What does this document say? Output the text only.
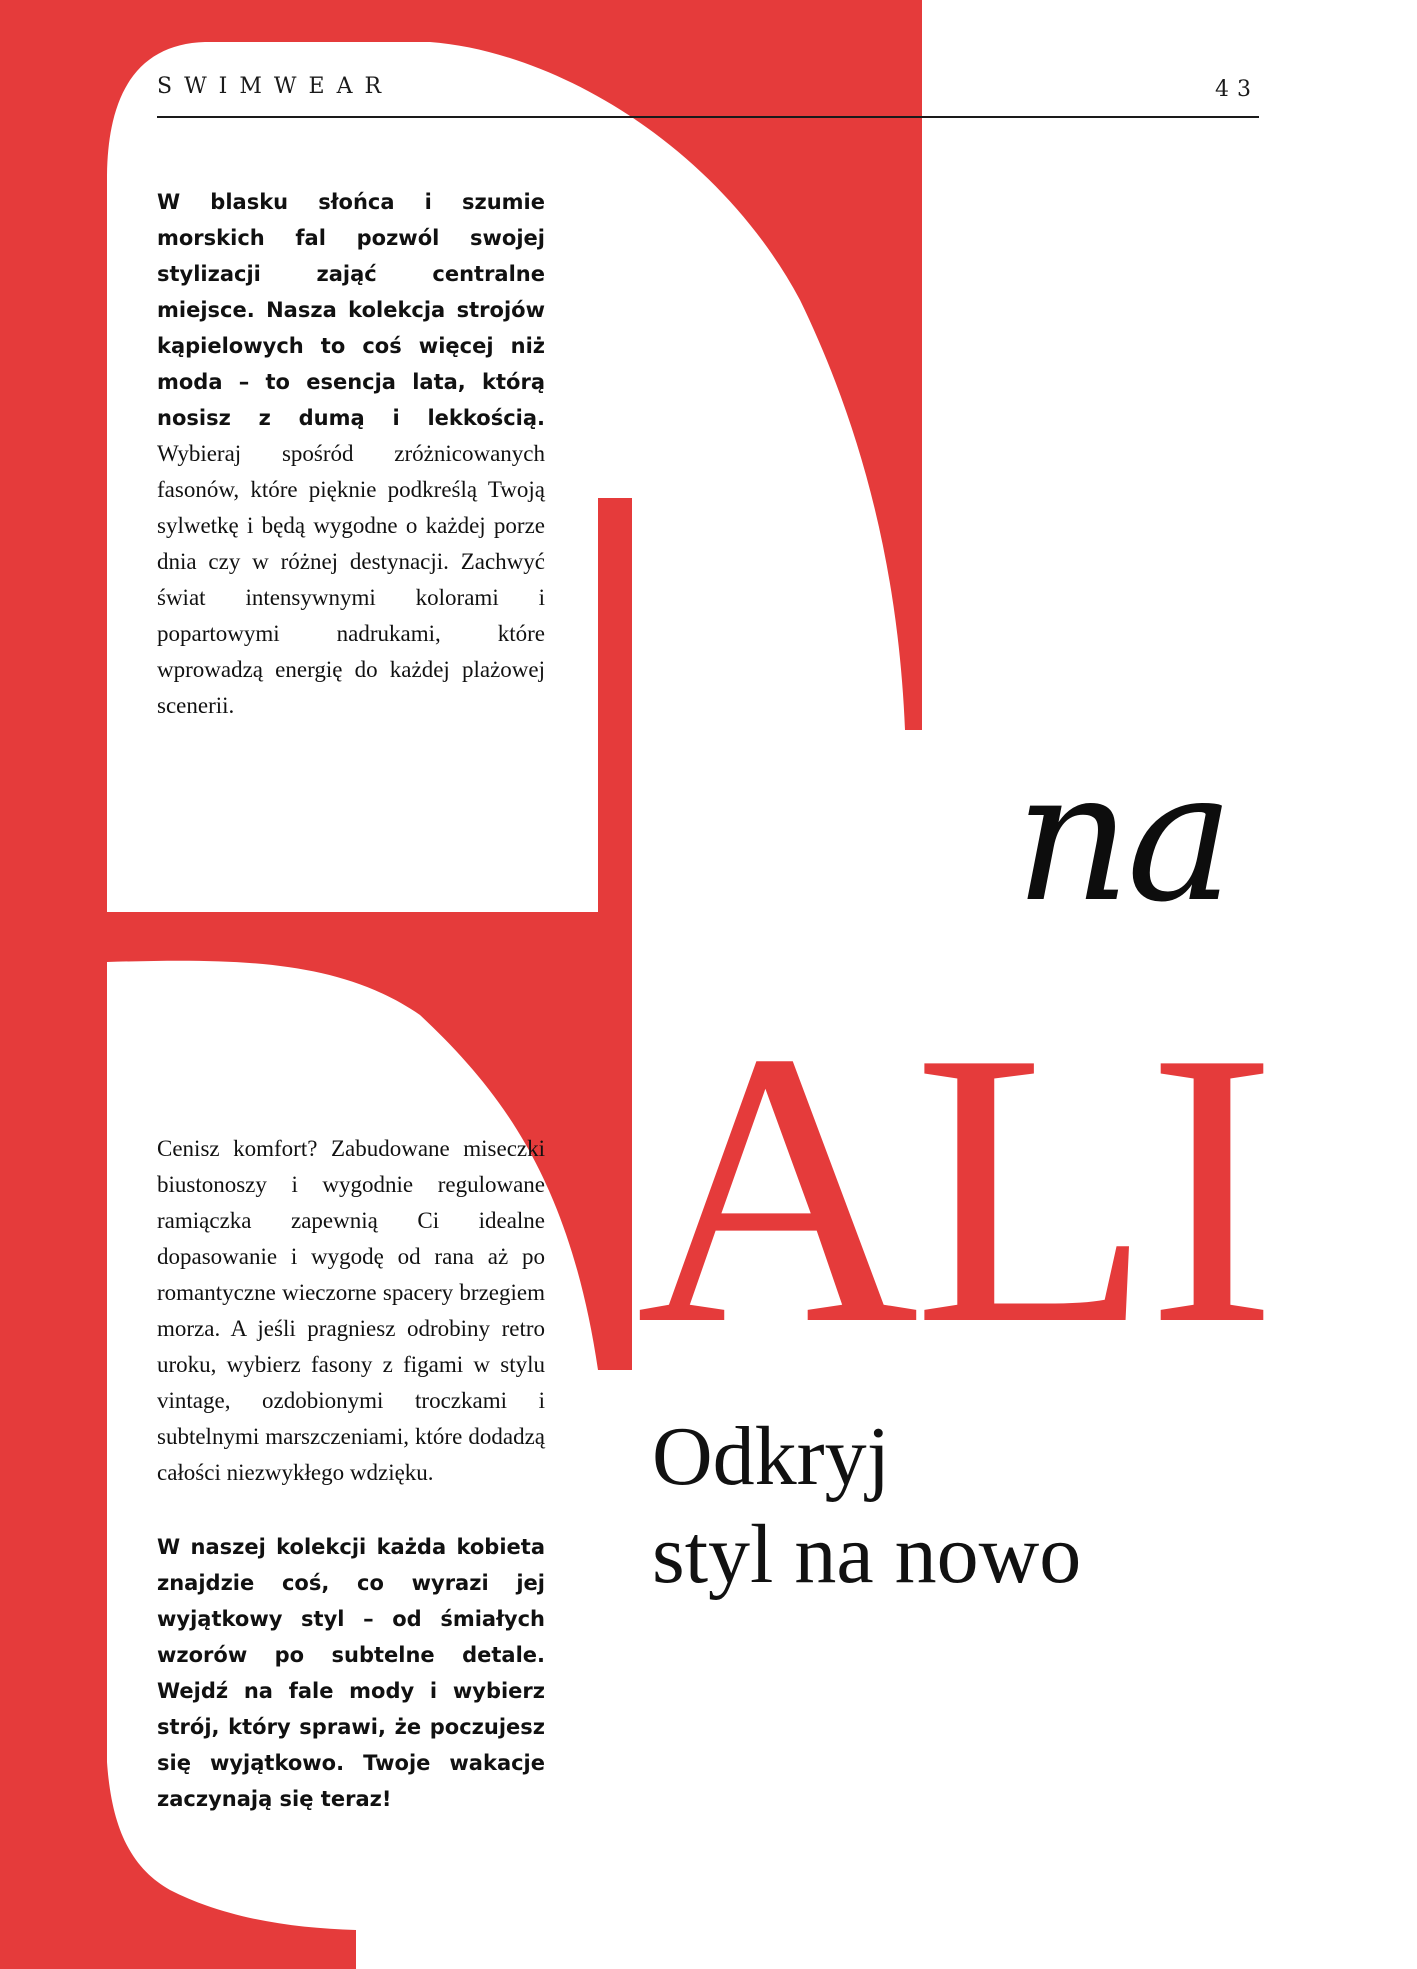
SWIMWEAR	43
W blasku słońca i szumie morskich fal pozwól swojej stylizacji zająć centralne miejsce. Nasza kolekcja strojów kąpielowych to coś więcej niż moda – to esencja lata, którą nosisz z dumą i lekkością. Wybieraj spośród zróżnicowanych fasonów, które pięknie podkreślą Twoją sylwetkę i będą wygodne o każdej porze dnia czy w różnej destynacji. Zachwyć świat intensywnymi kolorami i popartowymi nadrukami, które wprowadzą energię do każdej plażowej scenerii.
Cenisz komfort? Zabudowane miseczki biustonoszy i wygodnie regulowane ramiączka zapewnią Ci idealne dopasowanie i wygodę od rana aż po romantyczne wieczorne spacery brzegiem morza. A jeśli pragniesz odrobiny retro uroku, wybierz fasony z figami w stylu vintage, ozdobionymi troczkami i subtelnymi marszczeniami, które dodadzą całości niezwykłego wdzięku.
W naszej kolekcji każda kobieta znajdzie coś, co wyrazi jej wyjątkowy styl – od śmiałych wzorów po subtelne detale. Wejdź na fale mody i wybierz strój, który sprawi, że poczujesz się wyjątkowo. Twoje wakacje zaczynają się teraz!
na
ALI
Odkryj
styl na nowo
